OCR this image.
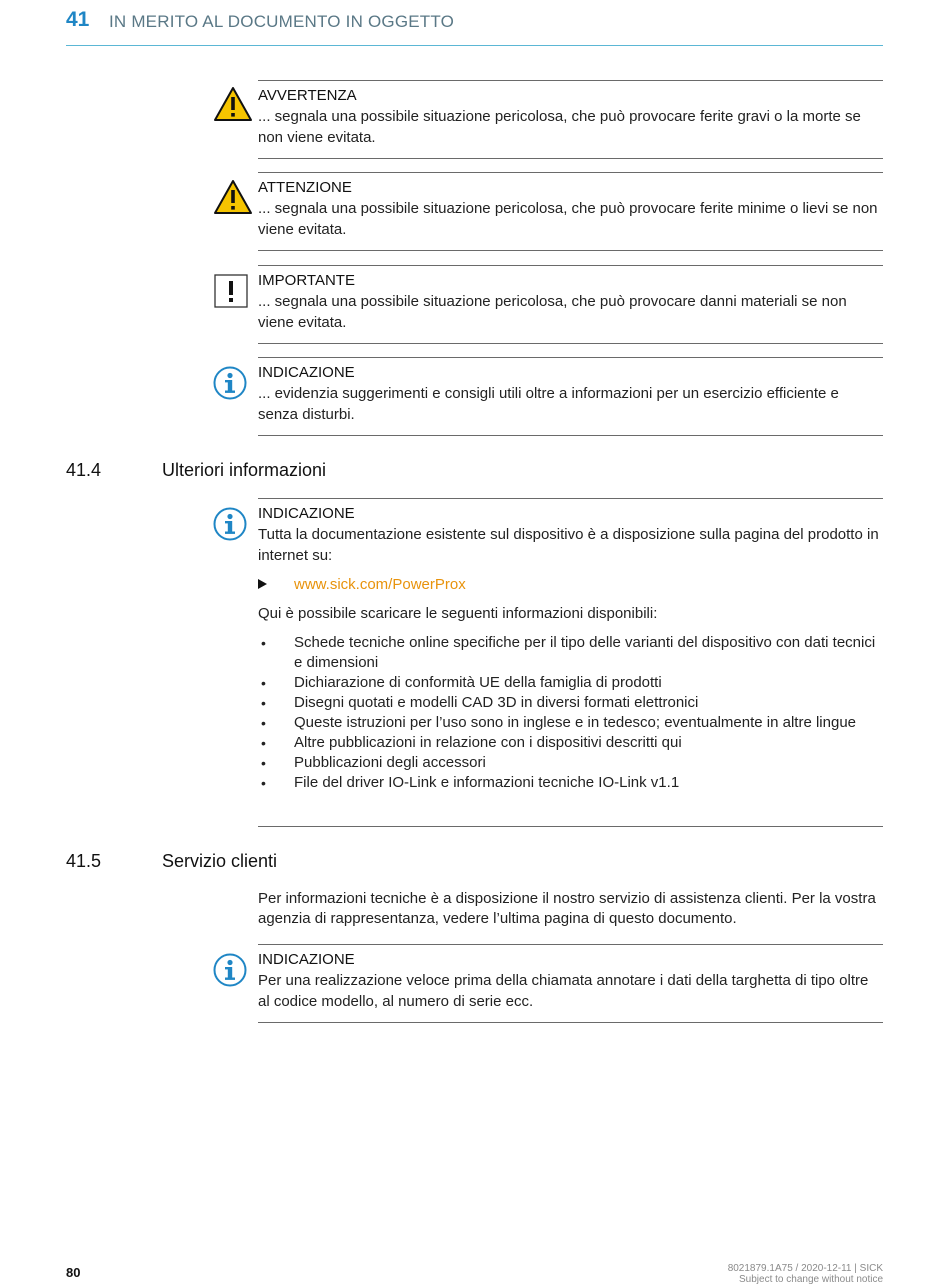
41 IN MERITO AL DOCUMENTO IN OGGETTO
AVVERTENZA
... segnala una possibile situazione pericolosa, che può provocare ferite gravi o la morte se non viene evitata.
ATTENZIONE
... segnala una possibile situazione pericolosa, che può provocare ferite minime o lievi se non viene evitata.
IMPORTANTE
... segnala una possibile situazione pericolosa, che può provocare danni materiali se non viene evitata.
INDICAZIONE
... evidenzia suggerimenti e consigli utili oltre a informazioni per un esercizio efficiente e senza disturbi.
41.4	Ulteriori informazioni
INDICAZIONE
Tutta la documentazione esistente sul dispositivo è a disposizione sulla pagina del prodotto in internet su:
www.sick.com/PowerProx
Qui è possibile scaricare le seguenti informazioni disponibili:
• Schede tecniche online specifiche per il tipo delle varianti del dispositivo con dati tecnici e dimensioni
• Dichiarazione di conformità UE della famiglia di prodotti
• Disegni quotati e modelli CAD 3D in diversi formati elettronici
• Queste istruzioni per l’uso sono in inglese e in tedesco; eventualmente in altre lingue
• Altre pubblicazioni in relazione con i dispositivi descritti qui
• Pubblicazioni degli accessori
• File del driver IO-Link e informazioni tecniche IO-Link v1.1
41.5	Servizio clienti
Per informazioni tecniche è a disposizione il nostro servizio di assistenza clienti. Per la vostra agenzia di rappresentanza, vedere l’ultima pagina di questo documento.
INDICAZIONE
Per una realizzazione veloce prima della chiamata annotare i dati della targhetta di tipo oltre al codice modello, al numero di serie ecc.
80	8021879.1A75 / 2020-12-11 | SICK
Subject to change without notice
